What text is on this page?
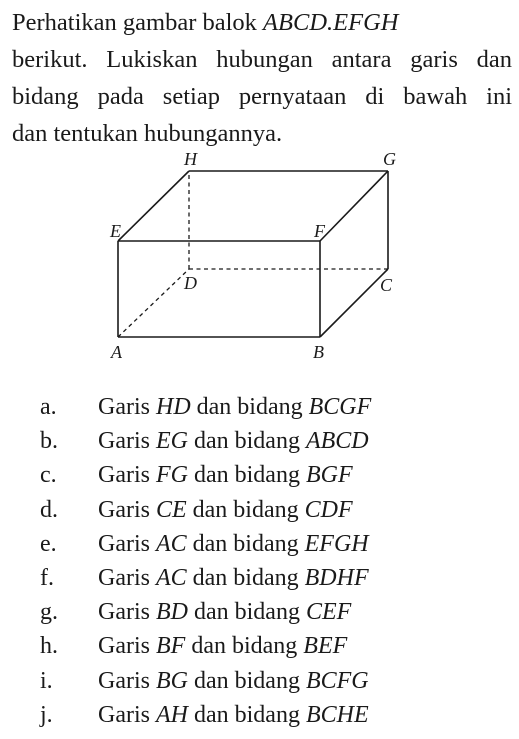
Perhatikan gambar balok ABCD.EFGH
berikut. Lukiskan hubungan antara garis dan
bidang pada setiap pernyataan di bawah ini
dan tentukan hubungannya.
H	G
E	F
D	C
A	B
a. Garis HD dan bidang BCGF
b. Garis EG dan bidang ABCD
c. Garis FG dan bidang BGF
d. Garis CE dan bidang CDF
e. Garis AC dan bidang EFGH
f. Garis AC dan bidang BDHF
g. Garis BD dan bidang CEF
h. Garis BF dan bidang BEF
i. Garis BG dan bidang BCFG
j. Garis AH dan bidang BCHE
